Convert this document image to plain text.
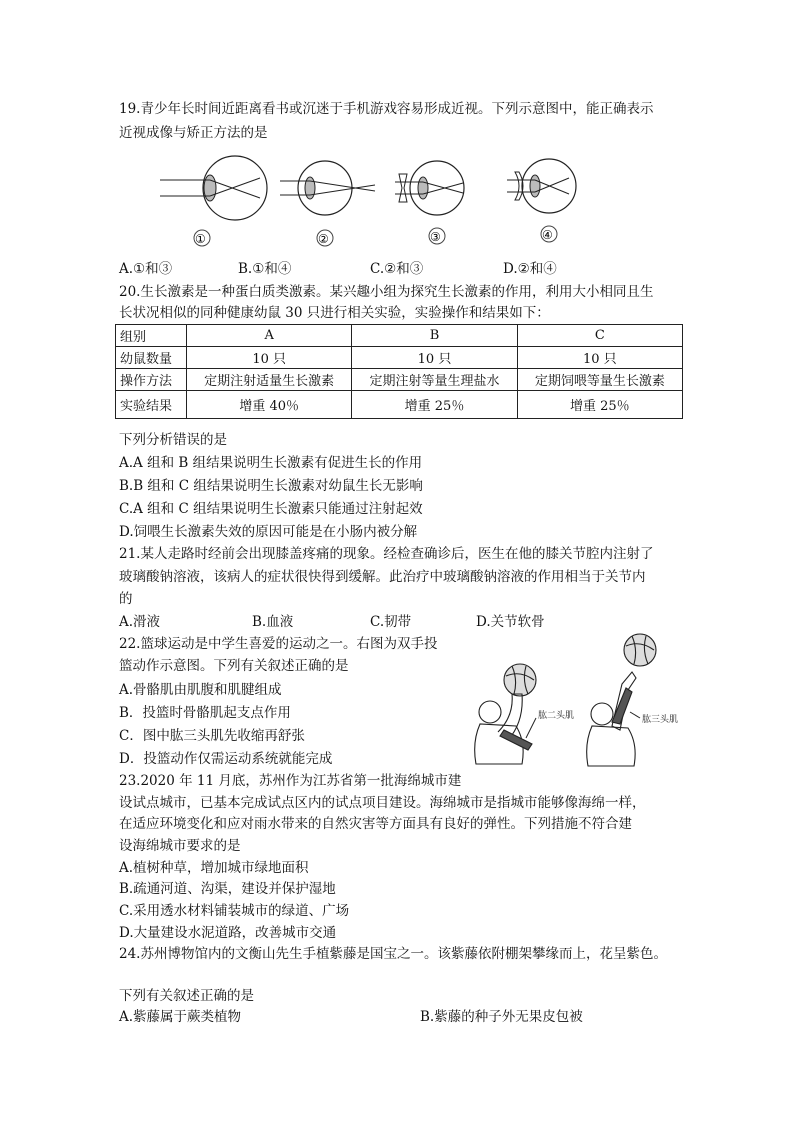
19.青少年长时间近距离看书或沉迷于手机游戏容易形成近视。下列示意图中，能正确表示
近视成像与矫正方法的是
①	②	③	④
A.①和③	B.①和④	C.②和③	D.②和④
20.生长激素是一种蛋白质类激素。某兴趣小组为探究生长激素的作用，利用大小相同且生
长状况相似的同种健康幼鼠 30 只进行相关实验，实验操作和结果如下：
组别	A	B	C
幼鼠数量	10 只	10 只	10 只
操作方法	定期注射适量生长激素	定期注射等量生理盐水	定期饲喂等量生长激素
实验结果	增重 40％	增重 25％	增重 25％
下列分析错误的是
A.A 组和 B 组结果说明生长激素有促进生长的作用
B.B 组和 C 组结果说明生长激素对幼鼠生长无影响
C.A 组和 C 组结果说明生长激素只能通过注射起效
D.饲喂生长激素失效的原因可能是在小肠内被分解
21.某人走路时经前会出现膝盖疼痛的现象。经检查确诊后，医生在他的膝关节腔内注射了
玻璃酸钠溶液，该病人的症状很快得到缓解。此治疗中玻璃酸钠溶液的作用相当于关节内
的
A.滑液	B.血液	C.韧带	D.关节软骨
22.篮球运动是中学生喜爱的运动之一。右图为双手投
篮动作示意图。下列有关叙述正确的是
A.骨骼肌由肌腹和肌腱组成
B．投篮时骨骼肌起支点作用
C．图中肱三头肌先收缩再舒张
D．投篮动作仅需运动系统就能完成
肱二头肌	肱三头肌
23.2020 年 11 月底，苏州作为江苏省第一批海绵城市建
设试点城市，已基本完成试点区内的试点项目建设。海绵城市是指城市能够像海绵一样，
在适应环境变化和应对雨水带来的自然灾害等方面具有良好的弹性。下列措施不符合建
设海绵城市要求的是
A.植树种草，增加城市绿地面积
B.疏通河道、沟渠，建设并保护湿地
C.采用透水材料铺装城市的绿道、广场
D.大量建设水泥道路，改善城市交通
24.苏州博物馆内的文衡山先生手植紫藤是国宝之一。该紫藤依附棚架攀缘而上，花呈紫色。
下列有关叙述正确的是
A.紫藤属于蕨类植物	B.紫藤的种子外无果皮包被
